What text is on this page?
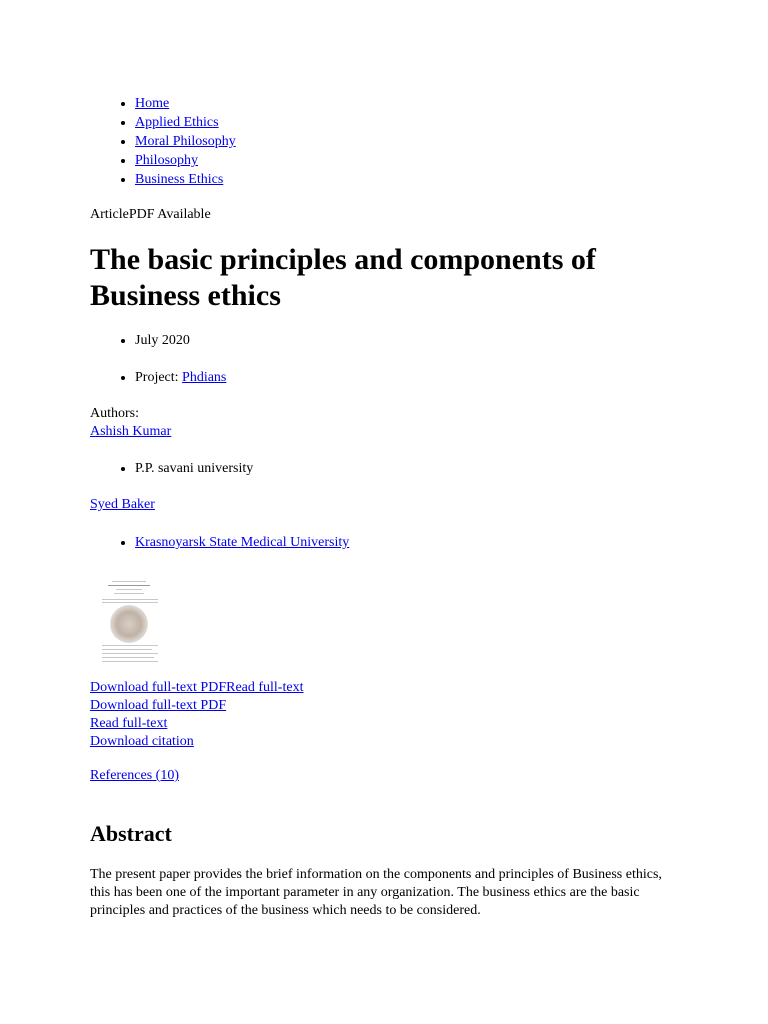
• Home
• Applied Ethics
• Moral Philosophy
• Philosophy
• Business Ethics
ArticlePDF Available
The basic principles and components of Business ethics
• July 2020
• Project: Phdians
Authors:
Ashish Kumar
• P.P. savani university
Syed Baker
• Krasnoyarsk State Medical University
Download full-text PDFRead full-text
Download full-text PDF
Read full-text
Download citation
References (10)
Abstract

The present paper provides the brief information on the components and principles of Business ethics, this has been one of the important parameter in any organization. The business ethics are the basic principles and practices of the business which needs to be considered.
